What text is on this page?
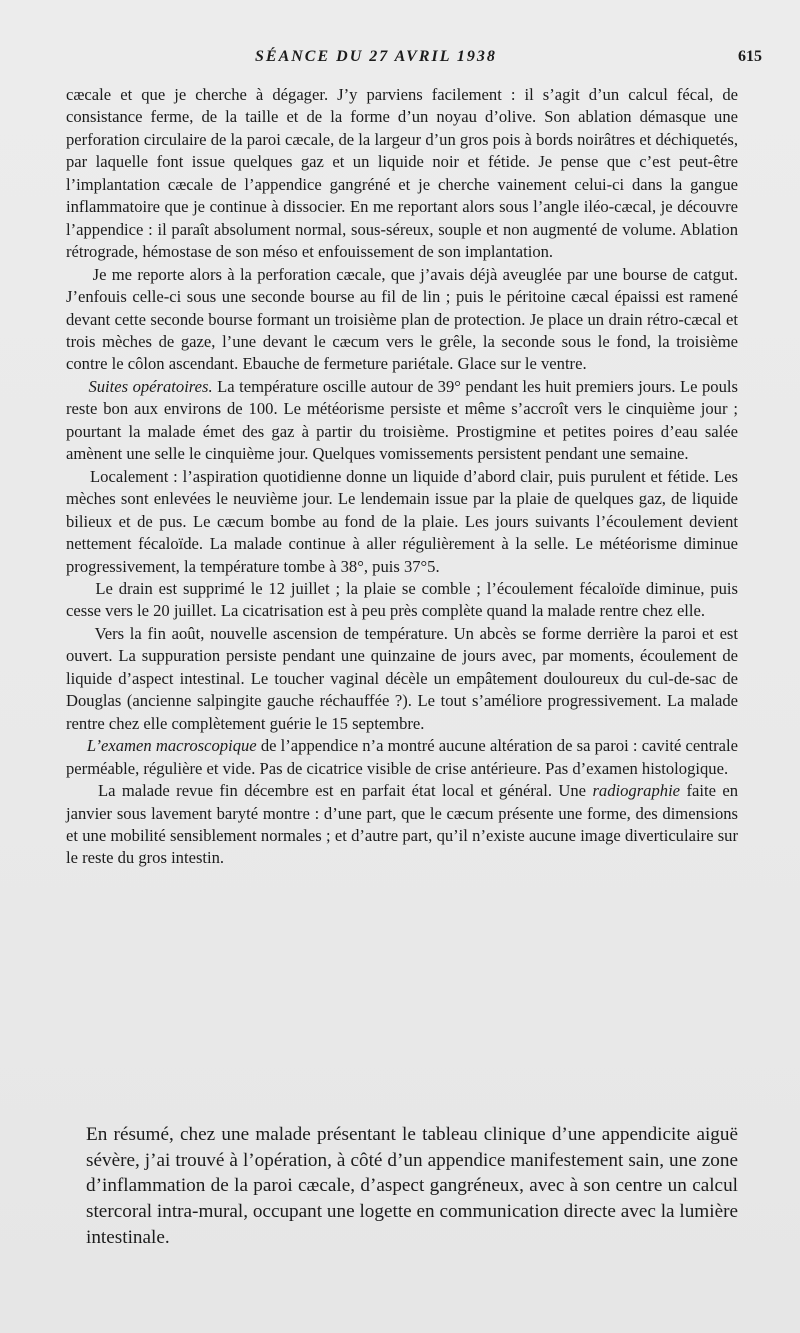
SÉANCE DU 27 AVRIL 1938	615

cæcale et que je cherche à dégager. J’y parviens facilement : il s’agit d’un calcul fécal, de consistance ferme, de la taille et de la forme d’un noyau d’olive. Son ablation démasque une perforation circulaire de la paroi cæcale, de la largeur d’un gros pois à bords noirâtres et déchiquetés, par laquelle font issue quelques gaz et un liquide noir et fétide. Je pense que c’est peut-être l’implantation cæcale de l’appendice gangréné et je cherche vainement celui-ci dans la gangue inflammatoire que je continue à dissocier. En me reportant alors sous l’angle iléo-cæcal, je découvre l’appendice : il paraît absolument normal, sous-séreux, souple et non augmenté de volume. Ablation rétrograde, hémostase de son méso et enfouissement de son implantation.

Je me reporte alors à la perforation cæcale, que j’avais déjà aveuglée par une bourse de catgut. J’enfouis celle-ci sous une seconde bourse au fil de lin ; puis le péritoine cæcal épaissi est ramené devant cette seconde bourse formant un troisième plan de protection. Je place un drain rétro-cæcal et trois mèches de gaze, l’une devant le cæcum vers le grêle, la seconde sous le fond, la troisième contre le côlon ascendant. Ebauche de fermeture pariétale. Glace sur le ventre.

Suites opératoires. La température oscille autour de 39° pendant les huit premiers jours. Le pouls reste bon aux environs de 100. Le météorisme persiste et même s’accroît vers le cinquième jour ; pourtant la malade émet des gaz à partir du troisième. Prostigmine et petites poires d’eau salée amènent une selle le cinquième jour. Quelques vomissements persistent pendant une semaine.

Localement : l’aspiration quotidienne donne un liquide d’abord clair, puis purulent et fétide. Les mèches sont enlevées le neuvième jour. Le lendemain issue par la plaie de quelques gaz, de liquide bilieux et de pus. Le cæcum bombe au fond de la plaie. Les jours suivants l’écoulement devient nettement fécaloïde. La malade continue à aller régulièrement à la selle. Le météorisme diminue progressivement, la température tombe à 38°, puis 37°5.

Le drain est supprimé le 12 juillet ; la plaie se comble ; l’écoulement fécaloïde diminue, puis cesse vers le 20 juillet. La cicatrisation est à peu près complète quand la malade rentre chez elle.

Vers la fin août, nouvelle ascension de température. Un abcès se forme derrière la paroi et est ouvert. La suppuration persiste pendant une quinzaine de jours avec, par moments, écoulement de liquide d’aspect intestinal. Le toucher vaginal décèle un empâtement douloureux du cul-de-sac de Douglas (ancienne salpingite gauche réchauffée ?). Le tout s’améliore progressivement. La malade rentre chez elle complètement guérie le 15 septembre.

L’examen macroscopique de l’appendice n’a montré aucune altération de sa paroi : cavité centrale perméable, régulière et vide. Pas de cicatrice visible de crise antérieure. Pas d’examen histologique.

La malade revue fin décembre est en parfait état local et général. Une radiographie faite en janvier sous lavement baryté montre : d’une part, que le cæcum présente une forme, des dimensions et une mobilité sensiblement normales ; et d’autre part, qu’il n’existe aucune image diverticulaire sur le reste du gros intestin.

En résumé, chez une malade présentant le tableau clinique d’une appendicite aiguë sévère, j’ai trouvé à l’opération, à côté d’un appendice manifestement sain, une zone d’inflammation de la paroi cæcale, d’aspect gangréneux, avec à son centre un calcul stercoral intra-mural, occupant une logette en communication directe avec la lumière intestinale.
